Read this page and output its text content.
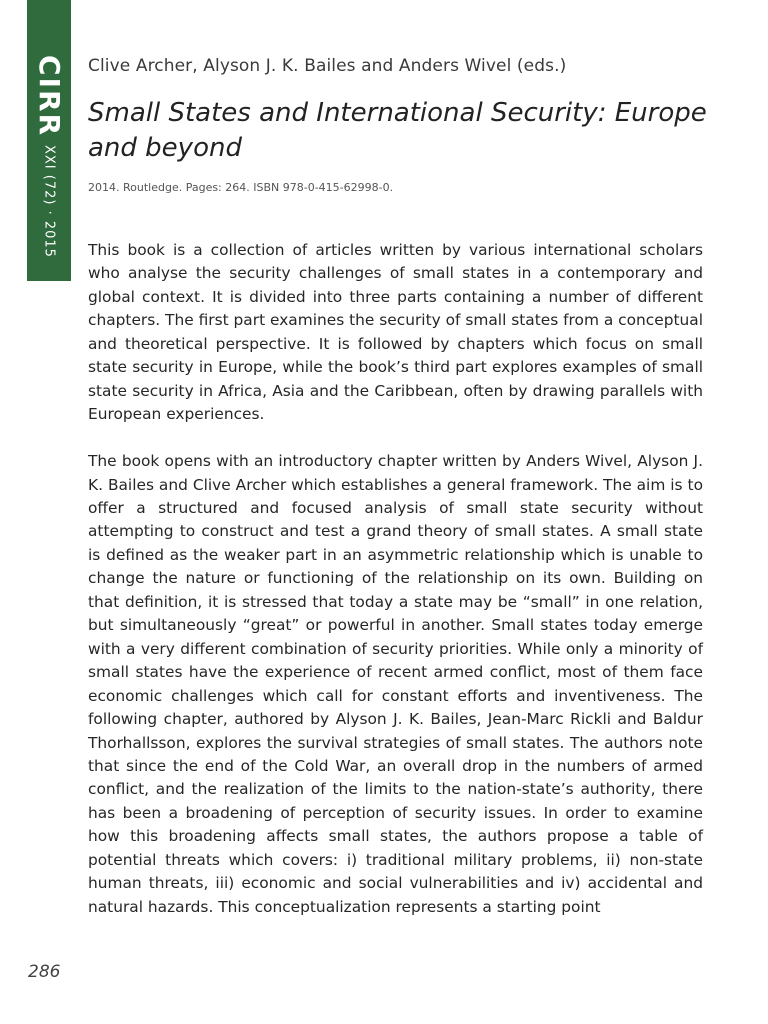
CIRR
XXI (72) · 2015
Clive Archer, Alyson J. K. Bailes and Anders Wivel (eds.)
Small States and International Security: Europe and beyond
2014. Routledge. Pages: 264. ISBN 978-0-415-62998-0.

This book is a collection of articles written by various international scholars who analyse the security challenges of small states in a contemporary and global context. It is divided into three parts containing a number of different chapters. The first part examines the security of small states from a conceptual and theoretical perspective. It is followed by chapters which focus on small state security in Europe, while the book’s third part explores examples of small state security in Africa, Asia and the Caribbean, often by drawing parallels with European experiences.

The book opens with an introductory chapter written by Anders Wivel, Alyson J. K. Bailes and Clive Archer which establishes a general framework. The aim is to offer a structured and focused analysis of small state security without attempting to construct and test a grand theory of small states. A small state is defined as the weaker part in an asymmetric relationship which is unable to change the nature or functioning of the relationship on its own. Building on that definition, it is stressed that today a state may be “small” in one relation, but simultaneously “great” or powerful in another. Small states today emerge with a very different combination of security priorities. While only a minority of small states have the experience of recent armed conflict, most of them face economic challenges which call for constant efforts and inventiveness. The following chapter, authored by Alyson J. K. Bailes, Jean-Marc Rickli and Baldur Thorhallsson, explores the survival strategies of small states. The authors note that since the end of the Cold War, an overall drop in the numbers of armed conflict, and the realization of the limits to the nation-state’s authority, there has been a broadening of perception of security issues. In order to examine how this broadening affects small states, the authors propose a table of potential threats which covers: i) traditional military problems, ii) non-state human threats, iii) economic and social vulnerabilities and iv) accidental and natural hazards. This conceptualization represents a starting point

286
